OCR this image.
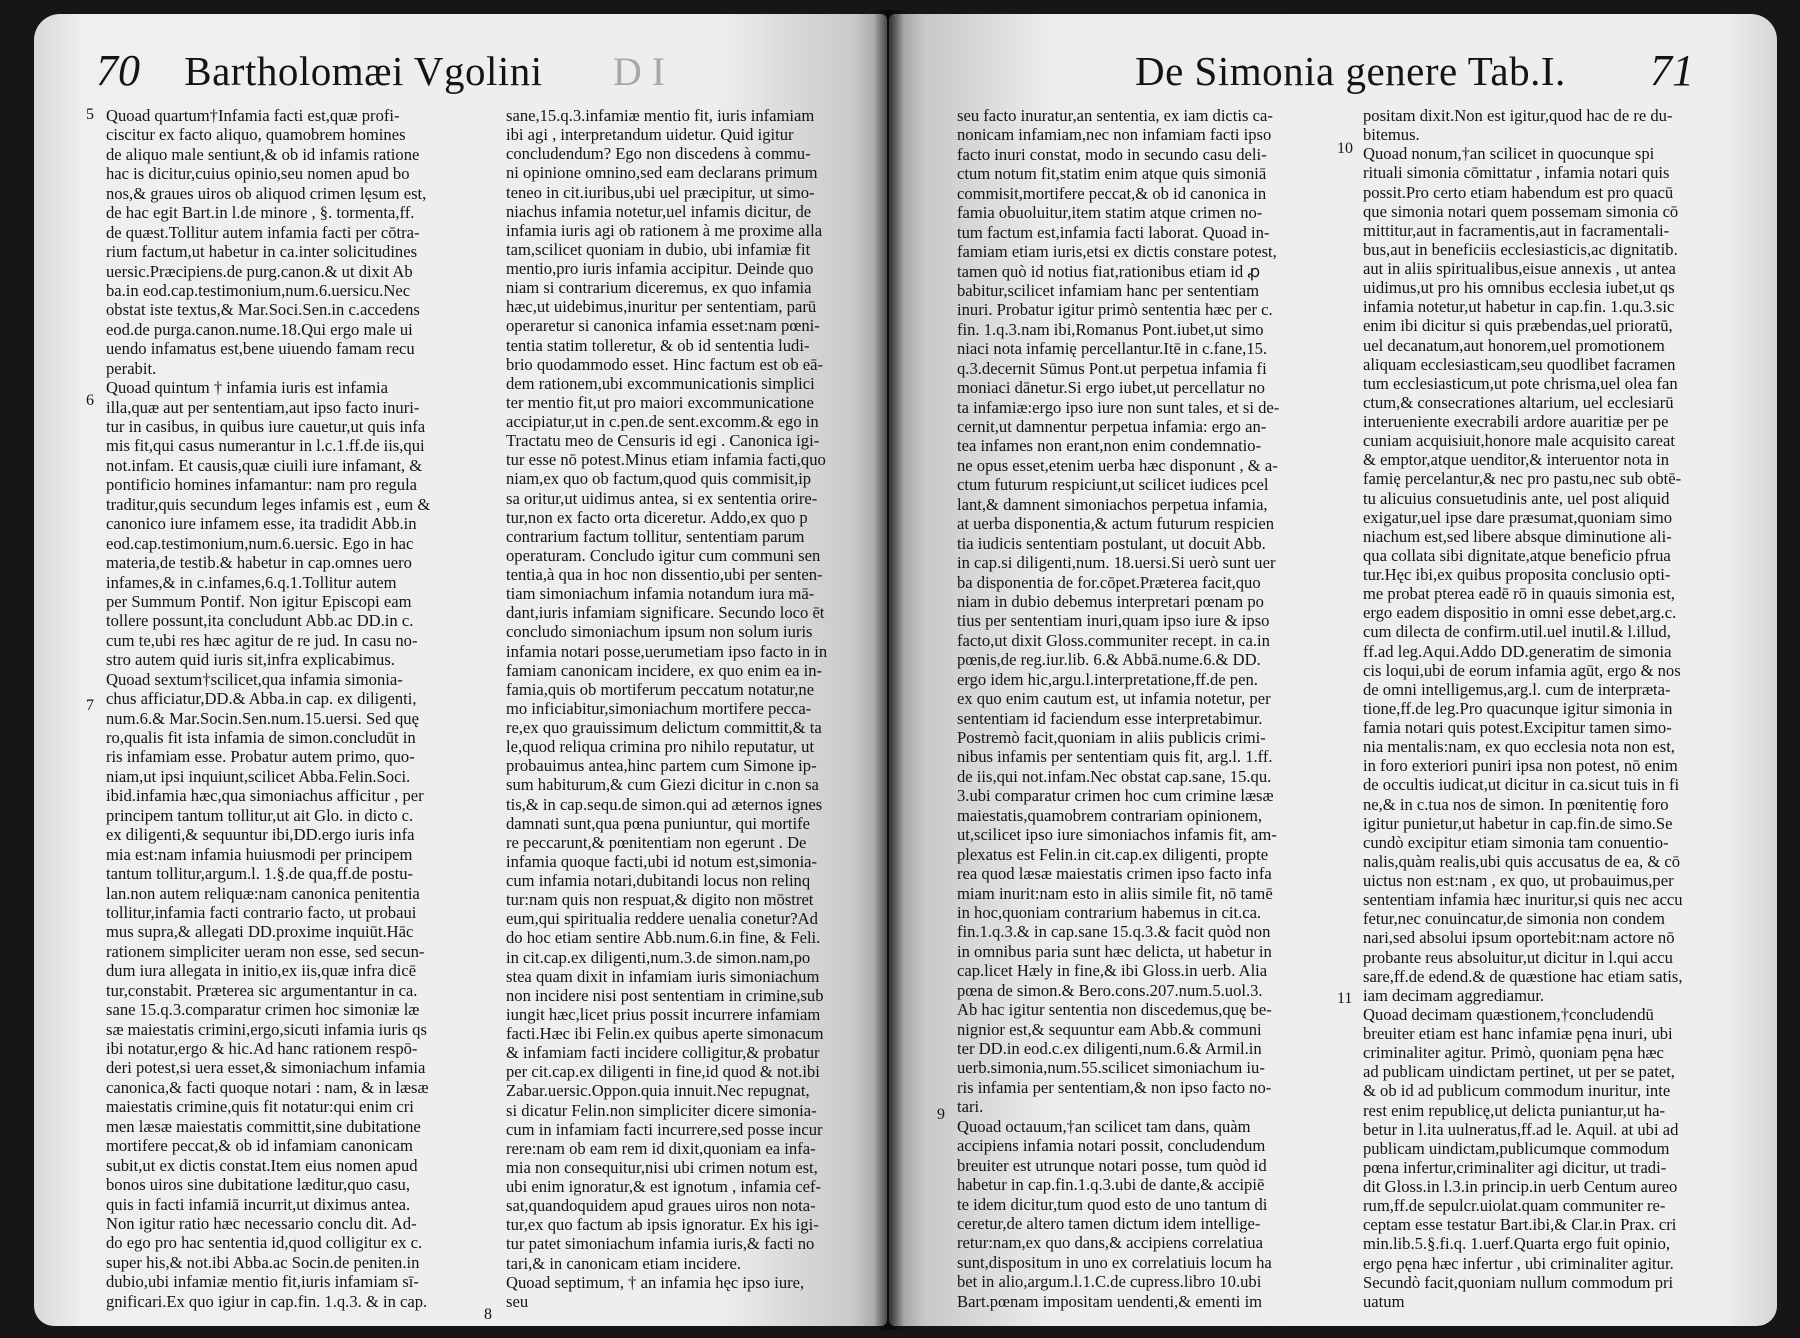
70 Bartholomæi Vgolini D I
Quoad quartum†Infamia facti est,quæ profi-
ciscitur ex facto aliquo, quamobrem homines
de aliquo male sentiunt,& ob id infamis ratione
hac is dicitur,cuius opinio,seu nomen apud bo
nos,& graues uiros ob aliquod crimen lęsum est,
de hac egit Bart.in l.de minore , §. tormenta,ff.
de quæst.Tollitur autem infamia facti per cōtra-
rium factum,ut habetur in ca.inter solicitudines
uersic.Præcipiens.de purg.canon.& ut dixit Ab
ba.in eod.cap.testimonium,num.6.uersicu.Nec
obstat iste textus,& Mar.Soci.Sen.in c.accedens
eod.de purga.canon.nume.18.Qui ergo male ui
uendo infamatus est,bene uiuendo famam recu
perabit.
Quoad quintum † infamia iuris est infamia
illa,quæ aut per sententiam,aut ipso facto inuri-
tur in casibus, in quibus iure cauetur,ut quis infa
mis fit,qui casus numerantur in l.c.1.ff.de iis,qui
not.infam. Et causis,quæ ciuili iure infamant, &
pontificio homines infamantur: nam pro regula
traditur,quis secundum leges infamis est , eum &
canonico iure infamem esse, ita tradidit Abb.in
eod.cap.testimonium,num.6.uersic. Ego in hac
materia,de testib.& habetur in cap.omnes uero
infames,& in c.infames,6.q.1.Tollitur autem
per Summum Pontif. Non igitur Episcopi eam
tollere possunt,ita concludunt Abb.ac DD.in c.
cum te,ubi res hæc agitur de re jud. In casu no-
stro autem quid iuris sit,infra explicabimus.
Quoad sextum†scilicet,qua infamia simonia-
chus afficiatur,DD.& Abba.in cap. ex diligenti,
num.6.& Mar.Socin.Sen.num.15.uersi. Sed quę
ro,qualis fit ista infamia de simon.concludūt in
ris infamiam esse. Probatur autem primo, quo-
niam,ut ipsi inquiunt,scilicet Abba.Felin.Soci.
ibid.infamia hæc,qua simoniachus afficitur , per
principem tantum tollitur,ut ait Glo. in dicto c.
ex diligenti,& sequuntur ibi,DD.ergo iuris infa
mia est:nam infamia huiusmodi per principem
tantum tollitur,argum.l. 1.§.de qua,ff.de postu-
lan.non autem reliquæ:nam canonica penitentia
tollitur,infamia facti contrario facto, ut probaui
mus supra,& allegati DD.proxime inquiūt.Hāc
rationem simpliciter ueram non esse, sed secun-
dum iura allegata in initio,ex iis,quæ infra dicē
tur,constabit. Præterea sic argumentantur in ca.
sane 15.q.3.comparatur crimen hoc simoniæ læ
sæ maiestatis crimini,ergo,sicuti infamia iuris qs
ibi notatur,ergo & hic.Ad hanc rationem respō-
deri potest,si uera esset,& simoniachum infamia
canonica,& facti quoque notari : nam, & in læsæ
maiestatis crimine,quis fit notatur:qui enim cri
men læsæ maiestatis committit,sine dubitatione
mortifere peccat,& ob id infamiam canonicam
subit,ut ex dictis constat.Item eius nomen apud
bonos uiros sine dubitatione læditur,quo casu,
quis in facti infamiā incurrit,ut diximus antea.
Non igitur ratio hæc necessario conclu dit. Ad-
do ego pro hac sententia id,quod colligitur ex c.
super his,& not.ibi Abba.ac Socin.de peniten.in
dubio,ubi infamiæ mentio fit,iuris infamiam sī-
gnificari.Ex quo igiur in cap.fin. 1.q.3. & in cap.
sane,15.q.3.infamiæ mentio fit, iuris infamiam
ibi agi , interpretandum uidetur. Quid igitur
concludendum? Ego non discedens à commu-
ni opinione omnino,sed eam declarans primum
teneo in cit.iuribus,ubi uel præcipitur, ut simo-
niachus infamia notetur,uel infamis dicitur, de
infamia iuris agi ob rationem à me proxime alla
tam,scilicet quoniam in dubio, ubi infamiæ fit
mentio,pro iuris infamia accipitur. Deinde quo
niam si contrarium diceremus, ex quo infamia
hæc,ut uidebimus,inuritur per sententiam, parū
operaretur si canonica infamia esset:nam pœni-
tentia statim tolleretur, & ob id sententia ludi-
brio quodammodo esset. Hinc factum est ob eā-
dem rationem,ubi excommunicationis simplici
ter mentio fit,ut pro maiori excommunicatione
accipiatur,ut in c.pen.de sent.excomm.& ego in
Tractatu meo de Censuris id egi . Canonica igi-
tur esse nō potest.Minus etiam infamia facti,quo
niam,ex quo ob factum,quod quis commisit,ip
sa oritur,ut uidimus antea, si ex sententia orire-
tur,non ex facto orta diceretur. Addo,ex quo p
contrarium factum tollitur, sententiam parum
operaturam. Concludo igitur cum communi sen
tentia,à qua in hoc non dissentio,ubi per senten-
tiam simoniachum infamia notandum iura mā-
dant,iuris infamiam significare. Secundo loco ēt
concludo simoniachum ipsum non solum iuris
infamia notari posse,uerumetiam ipso facto in in
famiam canonicam incidere, ex quo enim ea in-
famia,quis ob mortiferum peccatum notatur,ne
mo inficiabitur,simoniachum mortifere pecca-
re,ex quo grauissimum delictum committit,& ta
le,quod reliqua crimina pro nihilo reputatur, ut
probauimus antea,hinc partem cum Simone ip-
sum habiturum,& cum Giezi dicitur in c.non sa
tis,& in cap.sequ.de simon.qui ad æternos ignes
damnati sunt,qua pœna puniuntur, qui mortife
re peccarunt,& pœnitentiam non egerunt . De
infamia quoque facti,ubi id notum est,simonia-
cum infamia notari,dubitandi locus non relinq
tur:nam quis non respuat,& digito non mōstret
eum,qui spiritualia reddere uenalia conetur?Ad
do hoc etiam sentire Abb.num.6.in fine, & Feli.
in cit.cap.ex diligenti,num.3.de simon.nam,po
stea quam dixit in infamiam iuris simoniachum
non incidere nisi post sententiam in crimine,sub
iungit hæc,licet prius possit incurrere infamiam
facti.Hæc ibi Felin.ex quibus aperte simonacum
& infamiam facti incidere colligitur,& probatur
per cit.cap.ex diligenti in fine,id quod & not.ibi
Zabar.uersic.Oppon.quia innuit.Nec repugnat,
si dicatur Felin.non simpliciter dicere simonia-
cum in infamiam facti incurrere,sed posse incur
rere:nam ob eam rem id dixit,quoniam ea infa-
mia non consequitur,nisi ubi crimen notum est,
ubi enim ignoratur,& est ignotum , infamia cef-
sat,quandoquidem apud graues uiros non nota-
tur,ex quo factum ab ipsis ignoratur. Ex his igi-
tur patet simoniachum infamia iuris,& facti no
tari,& in canonicam etiam incidere.
Quoad septimum, † an infamia hęc ipso iure,
seu
5
6
7
8
De Simonia genere Tab.I. 71
seu facto inuratur,an sententia, ex iam dictis ca-
nonicam infamiam,nec non infamiam facti ipso
facto inuri constat, modo in secundo casu deli-
ctum notum fit,statim enim atque quis simoniā
commisit,mortifere peccat,& ob id canonica in
famia obuoluitur,item statim atque crimen no-
tum factum est,infamia facti laborat. Quoad in-
famiam etiam iuris,etsi ex dictis constare potest,
tamen quò id notius fiat,rationibus etiam id ꝓ
babitur,scilicet infamiam hanc per sententiam
inuri. Probatur igitur primò sententia hæc per c.
fin. 1.q.3.nam ibi,Romanus Pont.iubet,ut simo
niaci nota infamię percellantur.Itē in c.fane,15.
q.3.decernit Sūmus Pont.ut perpetua infamia fi
moniaci dānetur.Si ergo iubet,ut percellatur no
ta infamiæ:ergo ipso iure non sunt tales, et si de-
cernit,ut damnentur perpetua infamia: ergo an-
tea infames non erant,non enim condemnatio-
ne opus esset,etenim uerba hæc disponunt , & a-
ctum futurum respiciunt,ut scilicet iudices pcel
lant,& damnent simoniachos perpetua infamia,
at uerba disponentia,& actum futurum respicien
tia iudicis sententiam postulant, ut docuit Abb.
in cap.si diligenti,num. 18.uersi.Si uerò sunt uer
ba disponentia de for.cōpet.Præterea facit,quo
niam in dubio debemus interpretari pœnam po
tius per sententiam inuri,quam ipso iure & ipso
facto,ut dixit Gloss.communiter recept. in ca.in
pœnis,de reg.iur.lib. 6.& Abbā.nume.6.& DD.
ergo idem hic,argu.l.interpretatione,ff.de pen.
ex quo enim cautum est, ut infamia notetur, per
sententiam id faciendum esse interpretabimur.
Postremò facit,quoniam in aliis publicis crimi-
nibus infamis per sententiam quis fit, arg.l. 1.ff.
de iis,qui not.infam.Nec obstat cap.sane, 15.qu.
3.ubi comparatur crimen hoc cum crimine læsæ
maiestatis,quamobrem contrariam opinionem,
ut,scilicet ipso iure simoniachos infamis fit, am-
plexatus est Felin.in cit.cap.ex diligenti, propte
rea quod læsæ maiestatis crimen ipso facto infa
miam inurit:nam esto in aliis simile fit, nō tamē
in hoc,quoniam contrarium habemus in cit.ca.
fin.1.q.3.& in cap.sane 15.q.3.& facit quòd non
in omnibus paria sunt hæc delicta, ut habetur in
cap.licet Hæly in fine,& ibi Gloss.in uerb. Alia
pœna de simon.& Bero.cons.207.num.5.uol.3.
Ab hac igitur sententia non discedemus,quę be-
nignior est,& sequuntur eam Abb.& communi
ter DD.in eod.c.ex diligenti,num.6.& Armil.in
uerb.simonia,num.55.scilicet simoniachum iu-
ris infamia per sententiam,& non ipso facto no-
tari.
Quoad octauum,†an scilicet tam dans, quàm
accipiens infamia notari possit, concludendum
breuiter est utrunque notari posse, tum quòd id
habetur in cap.fin.1.q.3.ubi de dante,& accipiē
te idem dicitur,tum quod esto de uno tantum di
ceretur,de altero tamen dictum idem intellige-
retur:nam,ex quo dans,& accipiens correlatiua
sunt,dispositum in uno ex correlatiuis locum ha
bet in alio,argum.l.1.C.de cupress.libro 10.ubi
Bart.pœnam impositam uendenti,& ementi im
positam dixit.Non est igitur,quod hac de re du-
bitemus.
Quoad nonum,†an scilicet in quocunque spi
rituali simonia cōmittatur , infamia notari quis
possit.Pro certo etiam habendum est pro quacū
que simonia notari quem possemam simonia cō
mittitur,aut in facramentis,aut in facramentali-
bus,aut in beneficiis ecclesiasticis,ac dignitatib.
aut in aliis spiritualibus,eisue annexis , ut antea
uidimus,ut pro his omnibus ecclesia iubet,ut qs
infamia notetur,ut habetur in cap.fin. 1.qu.3.sic
enim ibi dicitur si quis præbendas,uel prioratū,
uel decanatum,aut honorem,uel promotionem
aliquam ecclesiasticam,seu quodlibet facramen
tum ecclesiasticum,ut pote chrisma,uel olea fan
ctum,& consecrationes altarium, uel ecclesiarū
interueniente execrabili ardore auaritiæ per pe
cuniam acquisiuit,honore male acquisito careat
& emptor,atque uenditor,& interuentor nota in
famię percelantur,& nec pro pastu,nec sub obtē-
tu alicuius consuetudinis ante, uel post aliquid
exigatur,uel ipse dare præsumat,quoniam simo
niachum est,sed libere absque diminutione ali-
qua collata sibi dignitate,atque beneficio pfrua
tur.Hęc ibi,ex quibus proposita conclusio opti-
me probat pterea eadē rō in quauis simonia est,
ergo eadem dispositio in omni esse debet,arg.c.
cum dilecta de confirm.util.uel inutil.& l.illud,
ff.ad leg.Aqui.Addo DD.generatim de simonia
cis loqui,ubi de eorum infamia agūt, ergo & nos
de omni intelligemus,arg.l. cum de interpræta-
tione,ff.de leg.Pro quacunque igitur simonia in
famia notari quis potest.Excipitur tamen simo-
nia mentalis:nam, ex quo ecclesia nota non est,
in foro exteriori puniri ipsa non potest, nō enim
de occultis iudicat,ut dicitur in ca.sicut tuis in fi
ne,& in c.tua nos de simon. In pœnitentię foro
igitur punietur,ut habetur in cap.fin.de simo.Se
cundò excipitur etiam simonia tam conuentio-
nalis,quàm realis,ubi quis accusatus de ea, & cō
uictus non est:nam , ex quo, ut probauimus,per
sententiam infamia hæc inuritur,si quis nec accu
fetur,nec conuincatur,de simonia non condem
nari,sed absolui ipsum oportebit:nam actore nō
probante reus absoluitur,ut dicitur in l.qui accu
sare,ff.de edend.& de quæstione hac etiam satis,
iam decimam aggrediamur.
Quoad decimam quæstionem,†concludendū
breuiter etiam est hanc infamiæ pęna inuri, ubi
criminaliter agitur. Primò, quoniam pęna hæc
ad publicam uindictam pertinet, ut per se patet,
& ob id ad publicum commodum inuritur, inte
rest enim republicę,ut delicta puniantur,ut ha-
betur in l.ita uulneratus,ff.ad le. Aquil. at ubi ad
publicam uindictam,publicumque commodum
pœna infertur,criminaliter agi dicitur, ut tradi-
dit Gloss.in l.3.in princip.in uerb Centum aureo
rum,ff.de sepulcr.uiolat.quam communiter re-
ceptam esse testatur Bart.ibi,& Clar.in Prax. cri
min.lib.5.§.fi.q. 1.uerf.Quarta ergo fuit opinio,
ergo pęna hæc infertur , ubi criminaliter agitur.
Secundò facit,quoniam nullum commodum pri
uatum
10
11
9
